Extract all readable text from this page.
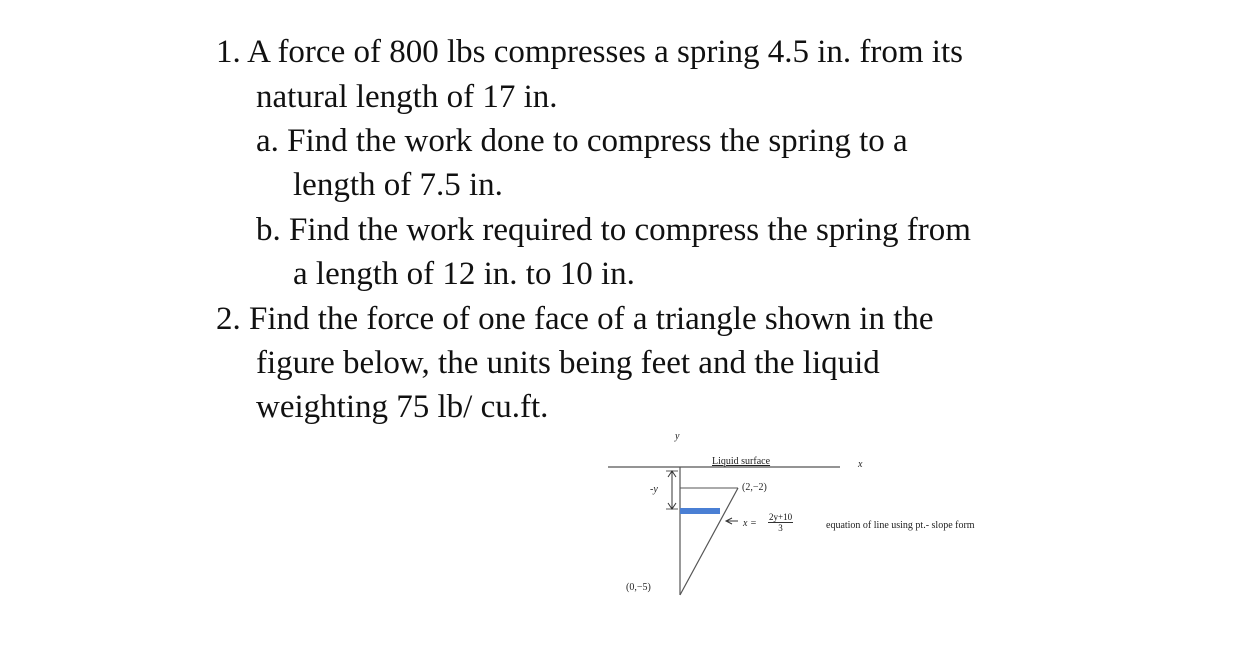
1. A force of 800 lbs compresses a spring 4.5 in. from its
natural length of 17 in.
a. Find the work done to compress the spring to a
length of 7.5 in.
b. Find the work required to compress the spring from
a length of 12 in. to 10 in.
2. Find the force of one face of a triangle shown in the
figure below, the units being feet and the liquid
weighting 75 lb/ cu.ft.
y
x
Liquid surface
-y	(2,−2)
(0,−5)
$x = \frac{2y+10}{3}$	equation of line using pt.- slope form
